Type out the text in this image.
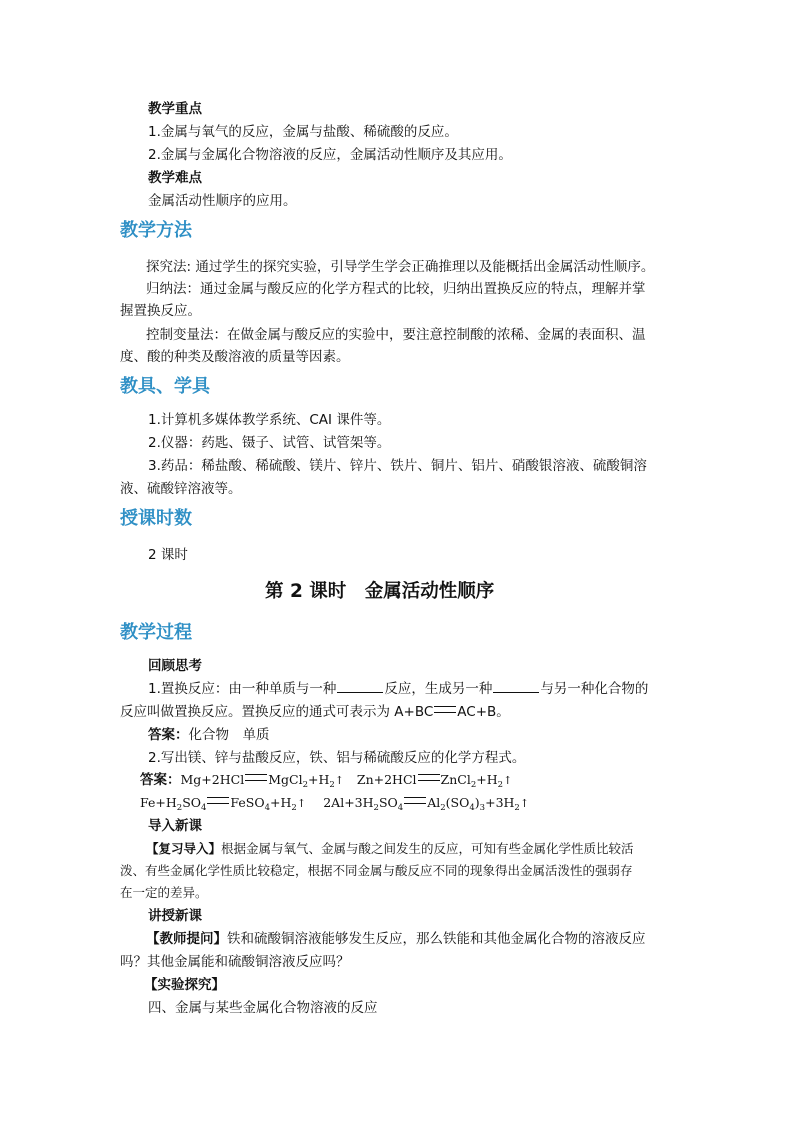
教学重点
1.金属与氧气的反应，金属与盐酸、稀硫酸的反应。
2.金属与金属化合物溶液的反应，金属活动性顺序及其应用。
教学难点
金属活动性顺序的应用。
教学方法
探究法: 通过学生的探究实验，引导学生学会正确推理以及能概括出金属活动性顺序。
归纳法：通过金属与酸反应的化学方程式的比较，归纳出置换反应的特点，理解并掌
握置换反应。
控制变量法：在做金属与酸反应的实验中，要注意控制酸的浓稀、金属的表面积、温
度、酸的种类及酸溶液的质量等因素。
教具、学具
1.计算机多媒体教学系统、CAI 课件等。
2.仪器：药匙、镊子、试管、试管架等。
3.药品：稀盐酸、稀硫酸、镁片、锌片、铁片、铜片、铝片、硝酸银溶液、硫酸铜溶
液、硫酸锌溶液等。
授课时数
2 课时
第 2 课时　金属活动性顺序
教学过程
回顾思考
1.置换反应：由一种单质与一种	反应，生成另一种	与另一种化合物的
反应叫做置换反应。置换反应的通式可表示为 A+BC AC+B。
答案：化合物　单质
2.写出镁、锌与盐酸反应，铁、铝与稀硫酸反应的化学方程式。
答案：Mg+2HCl $MgCl_2+H_2↑$ Zn+2HCl $ZnCl_2+H_2↑$
$Fe+H_2SO_4$ $FeSO_4+H_2↑$ $2Al+3H_2SO_4$ $Al_2(SO_4)_3+3H_2↑$
导入新课
【复习导入】根据金属与氧气、金属与酸之间发生的反应，可知有些金属化学性质比较活
泼、有些金属化学性质比较稳定，根据不同金属与酸反应不同的现象得出金属活泼性的强弱存
在一定的差异。
讲授新课
【教师提问】铁和硫酸铜溶液能够发生反应，那么铁能和其他金属化合物的溶液反应
吗？其他金属能和硫酸铜溶液反应吗？
【实验探究】
四、金属与某些金属化合物溶液的反应
